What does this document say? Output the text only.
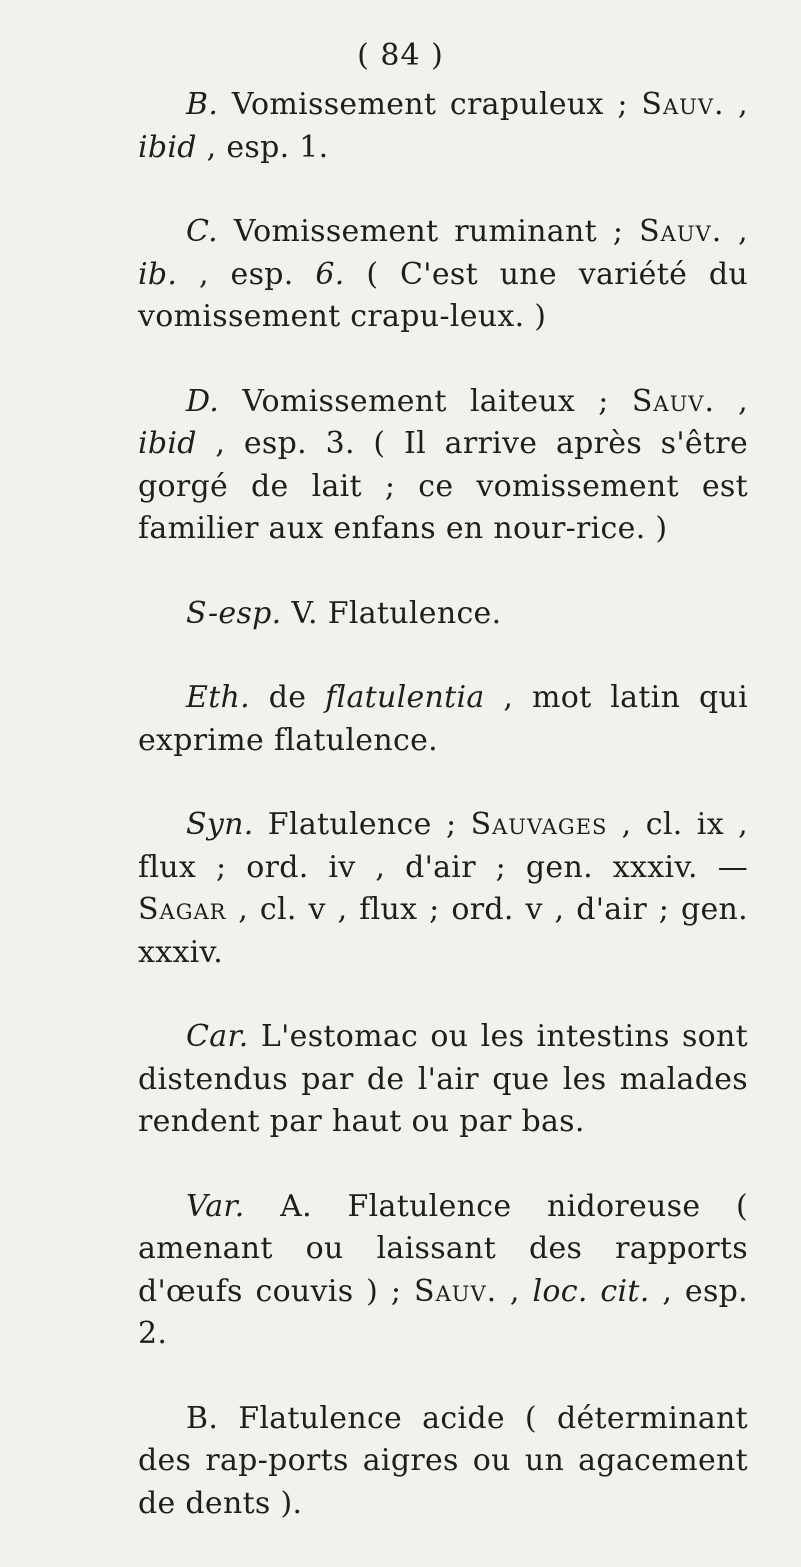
( 84 )

B. Vomissement crapuleux ; Sauv. , ibid , esp. 1.

C. Vomissement ruminant ; Sauv. , ib. , esp. 6. ( C'est une variété du vomissement crapu-leux. )

D. Vomissement laiteux ; Sauv. , ibid , esp. 3. ( Il arrive après s'être gorgé de lait ; ce vomissement est familier aux enfans en nour-rice. )

S-esp. V. Flatulence.

Eth. de flatulentia , mot latin qui exprime flatulence.

Syn. Flatulence ; Sauvages , cl. ix , flux ; ord. iv , d'air ; gen. xxxiv. — Sagar , cl. v , flux ; ord. v , d'air ; gen. xxxiv.

Car. L'estomac ou les intestins sont distendus par de l'air que les malades rendent par haut ou par bas.

Var. A. Flatulence nidoreuse ( amenant ou laissant des rapports d'œufs couvis ) ; Sauv. , loc. cit. , esp. 2.

B. Flatulence acide ( déterminant des rap-ports aigres ou un agacement de dents ).
